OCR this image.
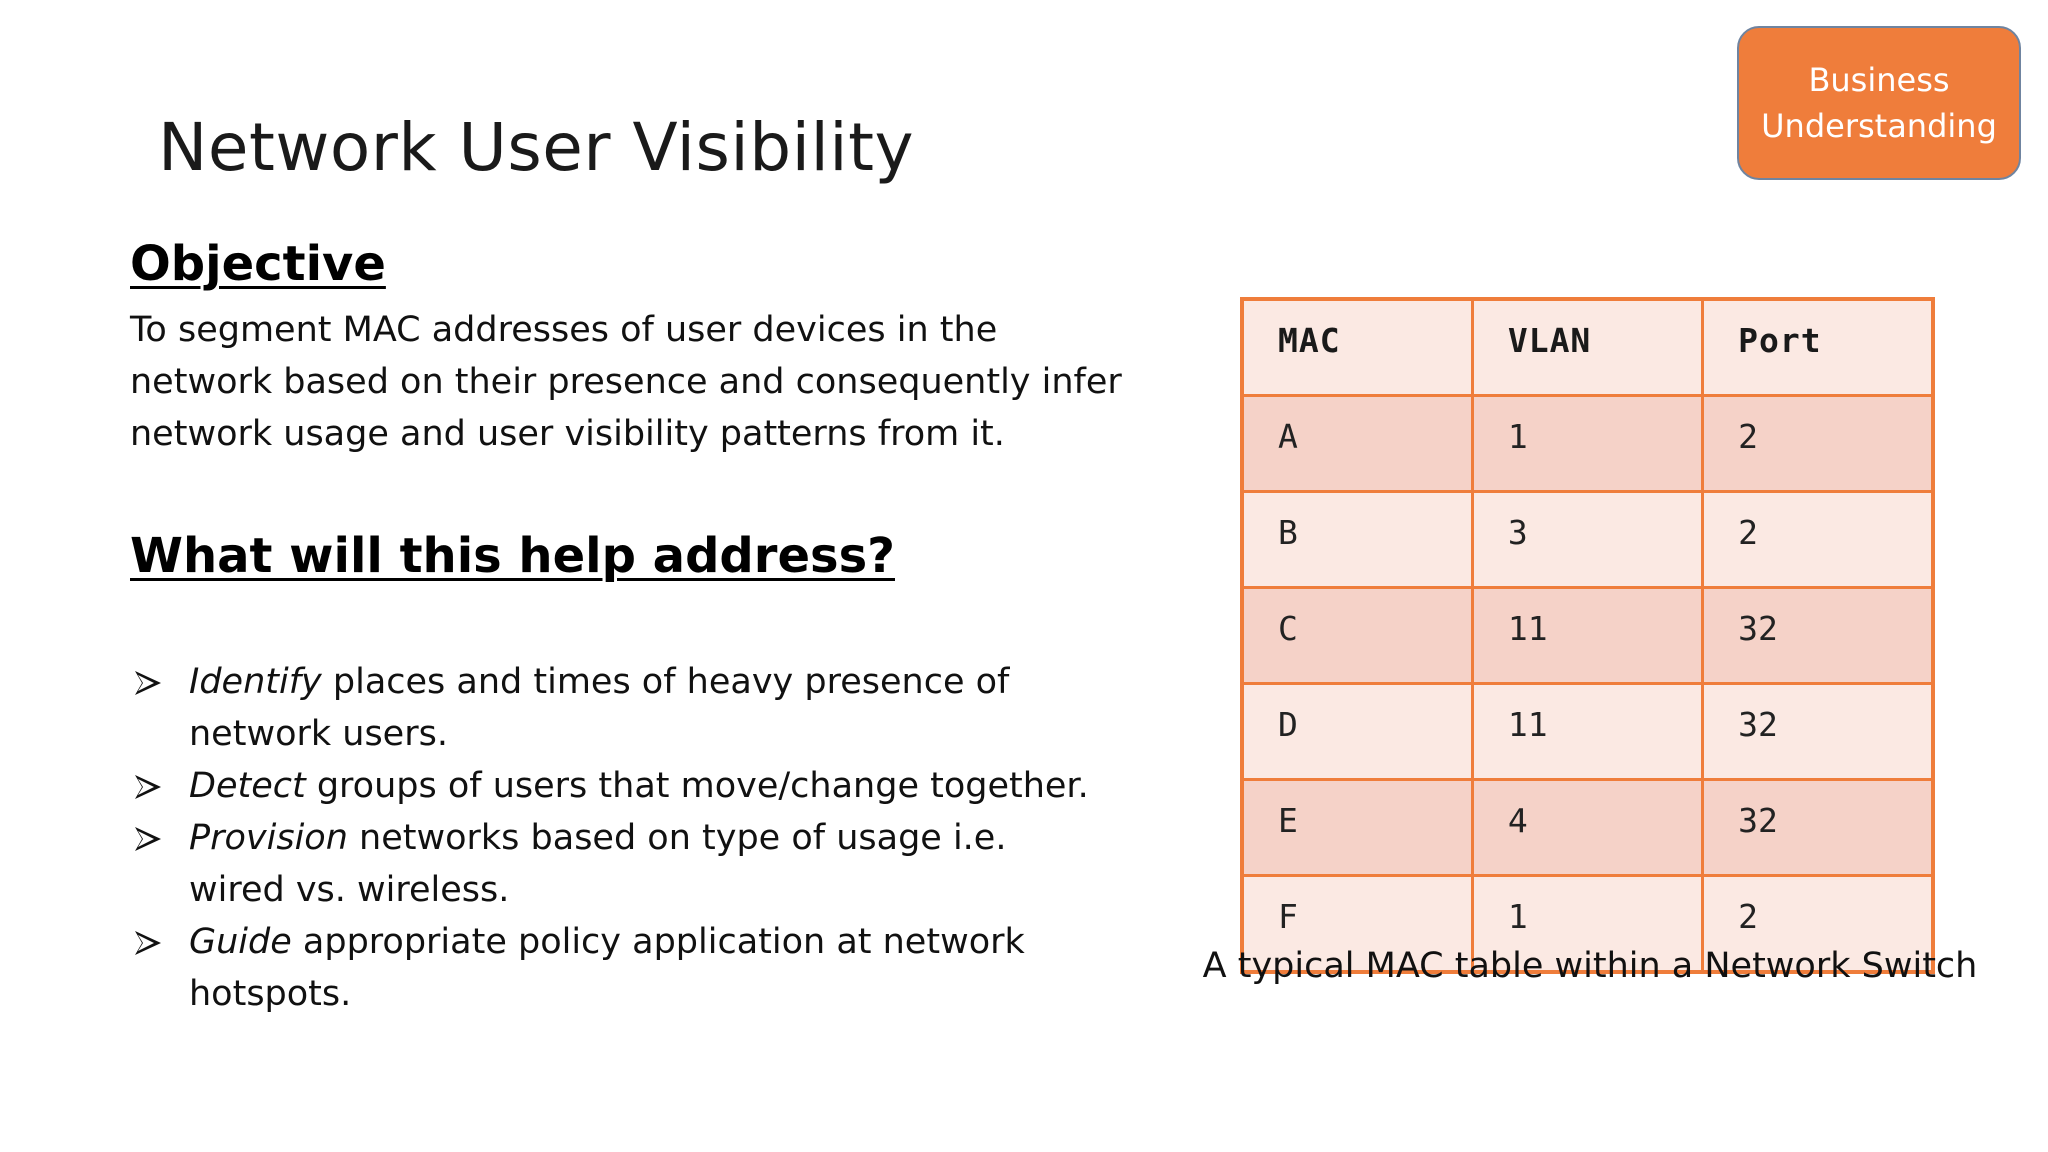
Business Understanding
Network User Visibility
Objective
To segment MAC addresses of user devices in the network based on their presence and consequently infer network usage and user visibility patterns from it.
What will this help address?
Identify places and times of heavy presence of network users.
Detect groups of users that move/change together.
Provision networks based on type of usage i.e. wired vs. wireless.
Guide appropriate policy application at network hotspots.
MAC	VLAN	Port
A	1	2
B	3	2
C	11	32
D	11	32
E	4	32
F	1	2
A typical MAC table within a Network Switch
